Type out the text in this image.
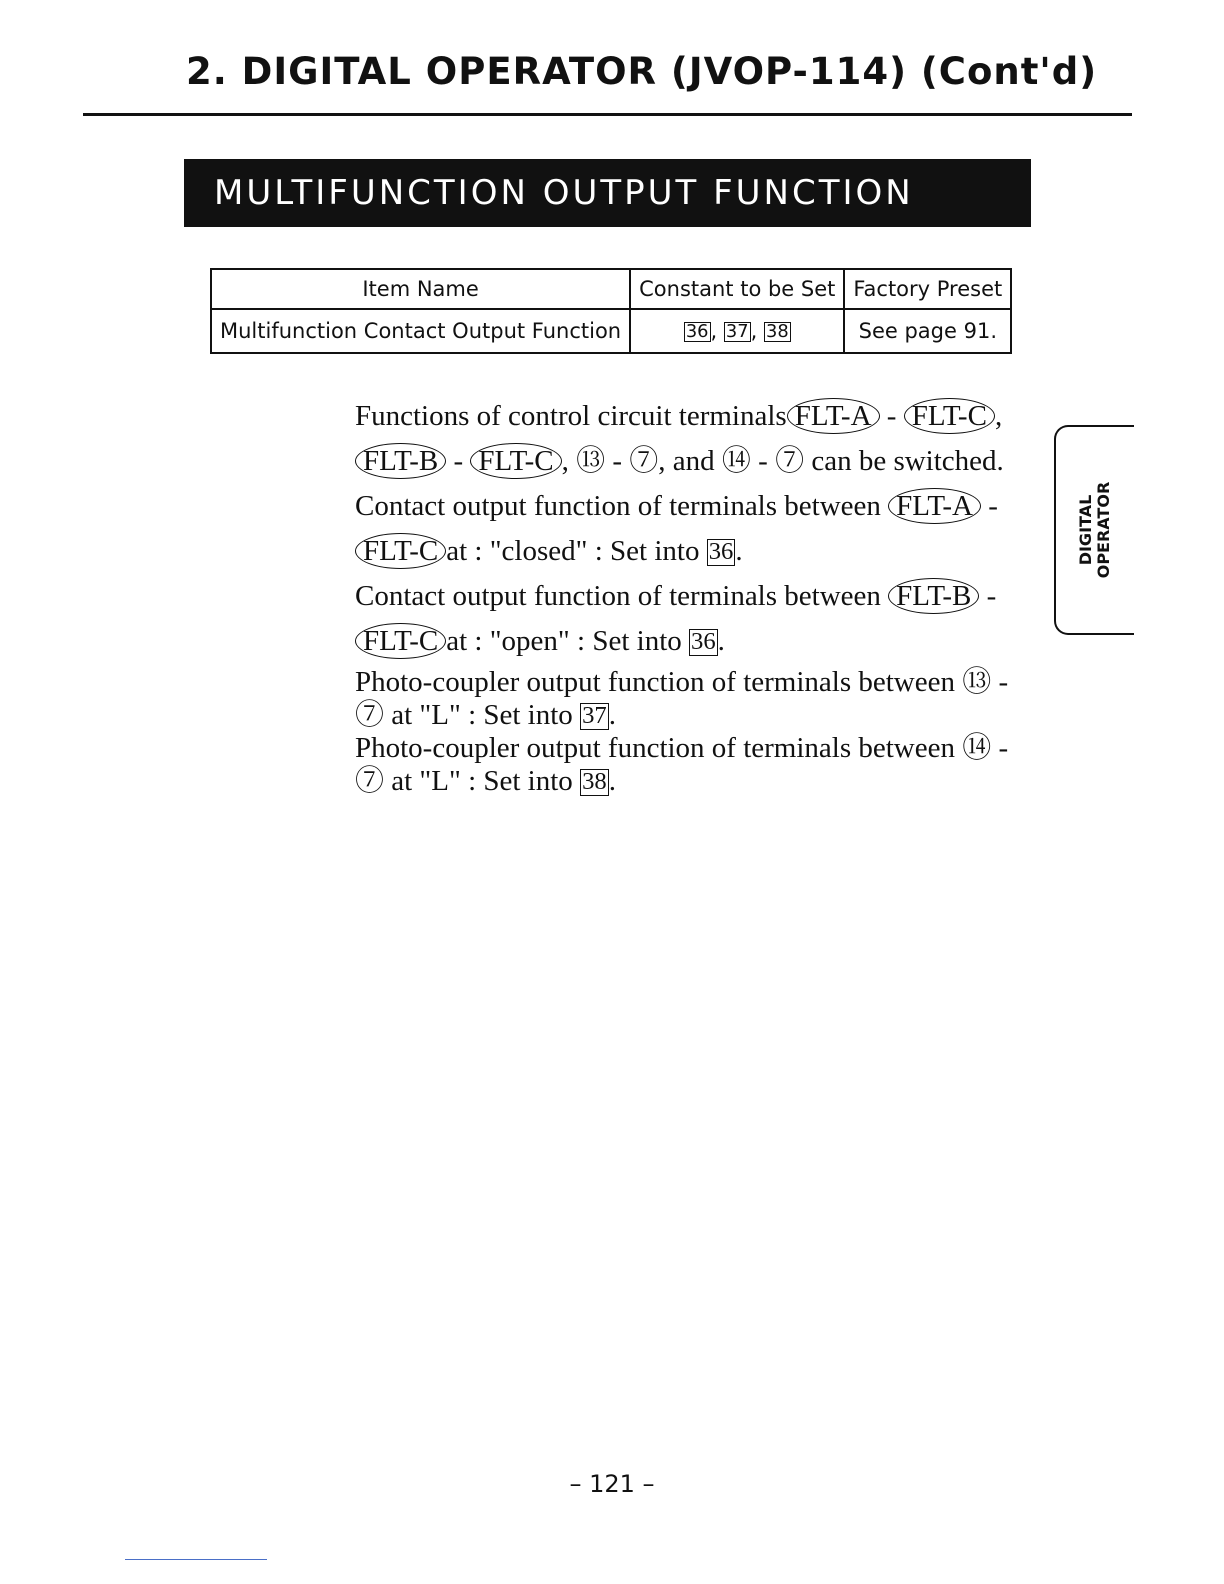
2. DIGITAL OPERATOR (JVOP-114) (Cont'd)
MULTIFUNCTION OUTPUT FUNCTION
Item Name	Constant to be Set	Factory Preset
Multifunction Contact Output Function	36, 37, 38	See page 91.
Functions of control circuit terminals FLT-A - FLT-C , FLT-B - FLT-C , ⑬ - ⑦, and ⑭ - ⑦ can be switched.
Contact output function of terminals between FLT-A - FLT-C at : "closed" : Set into 36.
Contact output function of terminals between FLT-B - FLT-C at : "open" : Set into 36.
Photo-coupler output function of terminals between ⑬ - ⑦ at "L" : Set into 37.
Photo-coupler output function of terminals between ⑭ - ⑦ at "L" : Set into 38.
DIGITAL OPERATOR
– 121 –
